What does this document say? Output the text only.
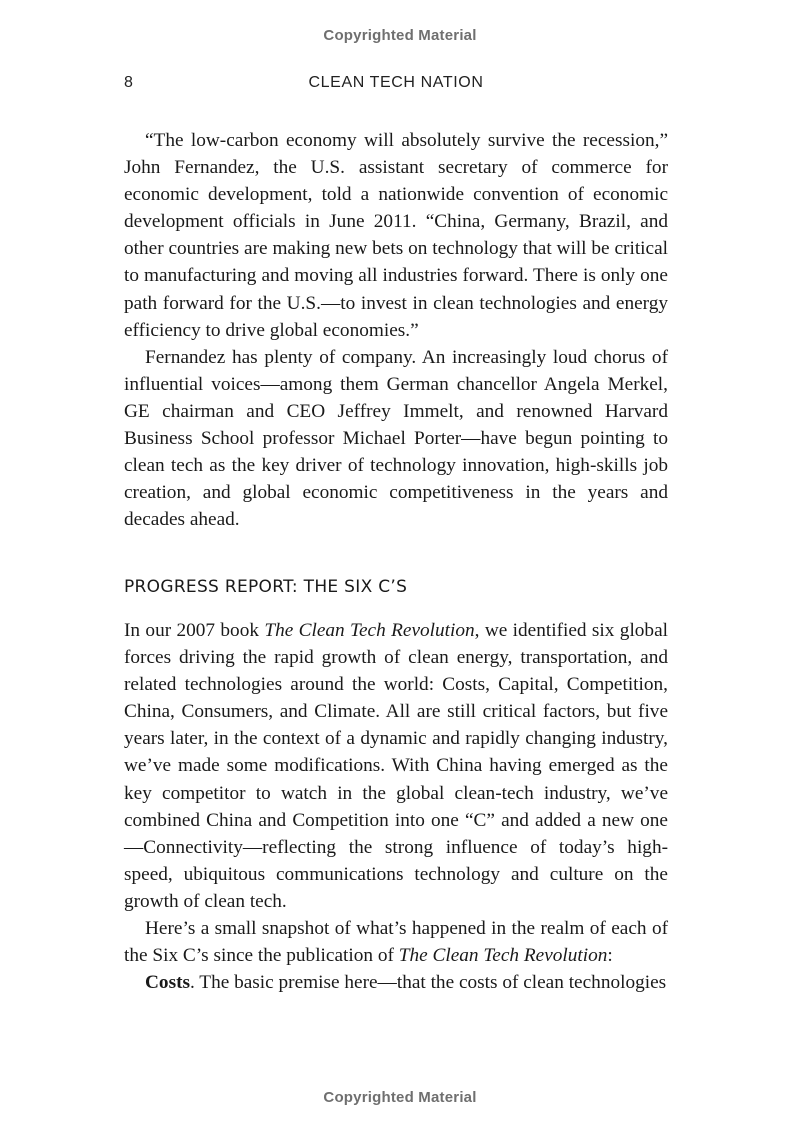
Copyrighted Material
8	CLEAN TECH NATION

“The low-carbon economy will absolutely survive the recession,” John Fernandez, the U.S. assistant secretary of commerce for economic development, told a nationwide convention of economic development officials in June 2011. “China, Germany, Brazil, and other countries are making new bets on technology that will be critical to manufacturing and moving all industries forward. There is only one path forward for the U.S.—to invest in clean technologies and energy efficiency to drive global economies.”

Fernandez has plenty of company. An increasingly loud chorus of influential voices—among them German chancellor Angela Merkel, GE chairman and CEO Jeffrey Immelt, and renowned Harvard Business School professor Michael Porter—have begun pointing to clean tech as the key driver of technology innovation, high-skills job creation, and global economic competitiveness in the years and decades ahead.

PROGRESS REPORT: THE SIX C’S

In our 2007 book The Clean Tech Revolution, we identified six global forces driving the rapid growth of clean energy, transportation, and related technologies around the world: Costs, Capital, Competition, China, Consumers, and Climate. All are still critical factors, but five years later, in the context of a dynamic and rapidly changing industry, we’ve made some modifications. With China having emerged as the key competitor to watch in the global clean-tech industry, we’ve combined China and Competition into one “C” and added a new one—Connectivity—reflecting the strong influence of today’s high-speed, ubiquitous communications technology and culture on the growth of clean tech.

Here’s a small snapshot of what’s happened in the realm of each of the Six C’s since the publication of The Clean Tech Revolution:

Costs. The basic premise here—that the costs of clean technologies

Copyrighted Material
